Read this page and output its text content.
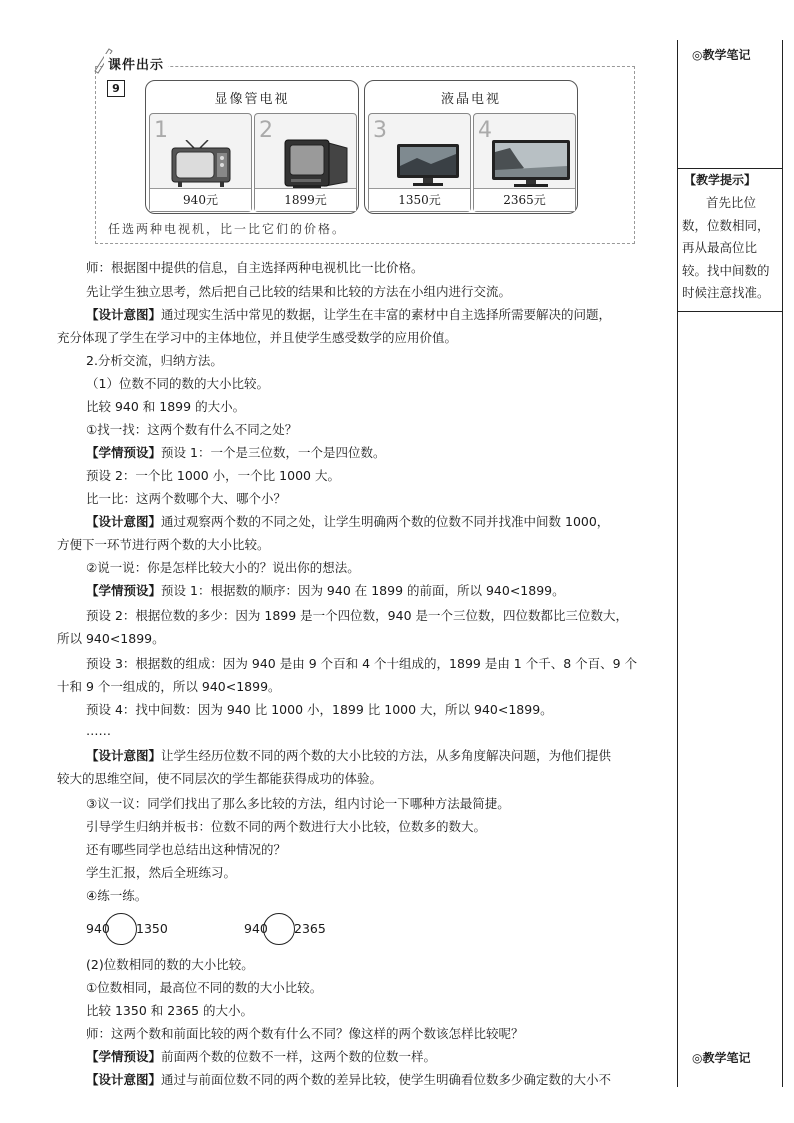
◎教学笔记
【教学提示】
首先比位数，位数相同，再从最高位比较。找中间数的时候注意找准。
◎教学笔记
课件出示
9
显像管电视	液晶电视
1
940元
2
1899元
3
1350元
4
2365元
任选两种电视机，比一比它们的价格。
师：根据图中提供的信息，自主选择两种电视机比一比价格。
先让学生独立思考，然后把自己比较的结果和比较的方法在小组内进行交流。
【设计意图】通过现实生活中常见的数据，让学生在丰富的素材中自主选择所需要解决的问题，
充分体现了学生在学习中的主体地位，并且使学生感受数学的应用价值。
2.分析交流，归纳方法。
（1）位数不同的数的大小比较。
比较 940 和 1899 的大小。
①找一找：这两个数有什么不同之处？
【学情预设】预设 1：一个是三位数，一个是四位数。
预设 2：一个比 1000 小，一个比 1000 大。
比一比：这两个数哪个大、哪个小？
【设计意图】通过观察两个数的不同之处，让学生明确两个数的位数不同并找准中间数 1000，
方便下一环节进行两个数的大小比较。
②说一说：你是怎样比较大小的？说出你的想法。
【学情预设】预设 1：根据数的顺序：因为 940 在 1899 的前面，所以 940<1899。
预设 2：根据位数的多少：因为 1899 是一个四位数，940 是一个三位数，四位数都比三位数大，
所以 940<1899。
预设 3：根据数的组成：因为 940 是由 9 个百和 4 个十组成的，1899 是由 1 个千、8 个百、9 个
十和 9 个一组成的，所以 940<1899。
预设 4：找中间数：因为 940 比 1000 小，1899 比 1000 大，所以 940<1899。
……
【设计意图】让学生经历位数不同的两个数的大小比较的方法，从多角度解决问题，为他们提供
较大的思维空间，使不同层次的学生都能获得成功的体验。
③议一议：同学们找出了那么多比较的方法，组内讨论一下哪种方法最简捷。
引导学生归纳并板书：位数不同的两个数进行大小比较，位数多的数大。
还有哪些同学也总结出这种情况的？
学生汇报，然后全班练习。
④练一练。
940 1350	940 2365
(2)位数相同的数的大小比较。
①位数相同，最高位不同的数的大小比较。
比较 1350 和 2365 的大小。
师：这两个数和前面比较的两个数有什么不同？像这样的两个数该怎样比较呢？
【学情预设】前面两个数的位数不一样，这两个数的位数一样。
【设计意图】通过与前面位数不同的两个数的差异比较，使学生明确看位数多少确定数的大小不
